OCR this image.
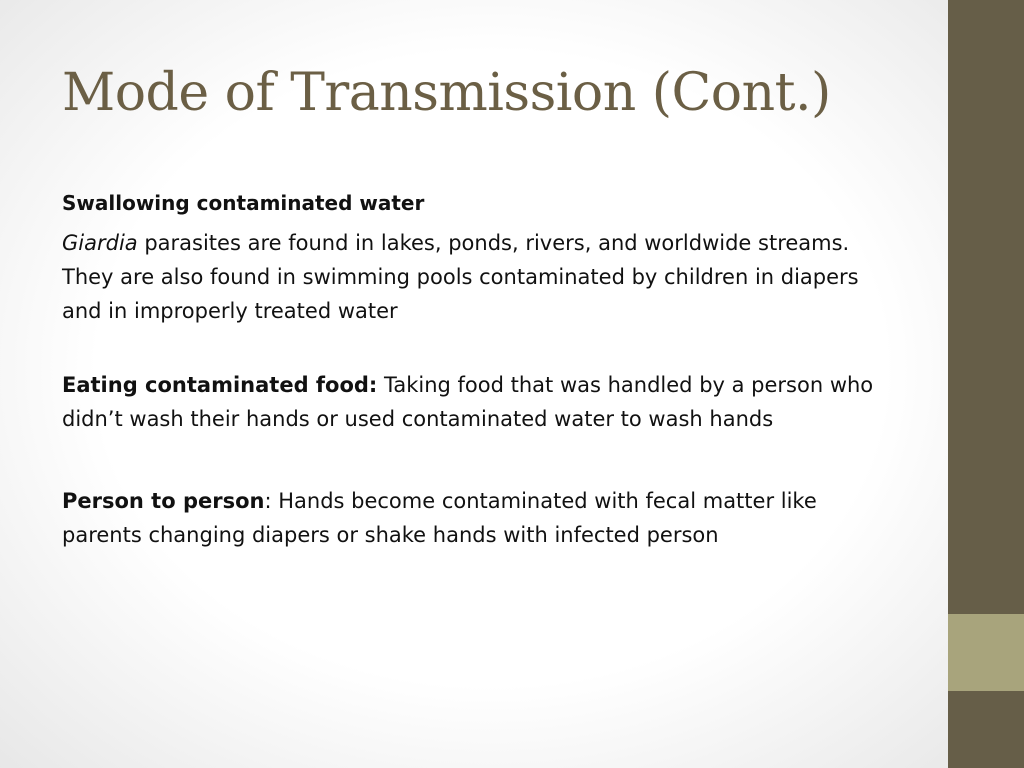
Mode of Transmission (Cont.)

Swallowing contaminated water

Giardia parasites are found in lakes, ponds, rivers, and worldwide streams. They are also found in swimming pools contaminated by children in diapers and in improperly treated water

Eating contaminated food: Taking food that was handled by a person who didn’t wash their hands or used contaminated water to wash hands

Person to person: Hands become contaminated with fecal matter like parents changing diapers or shake hands with infected person
